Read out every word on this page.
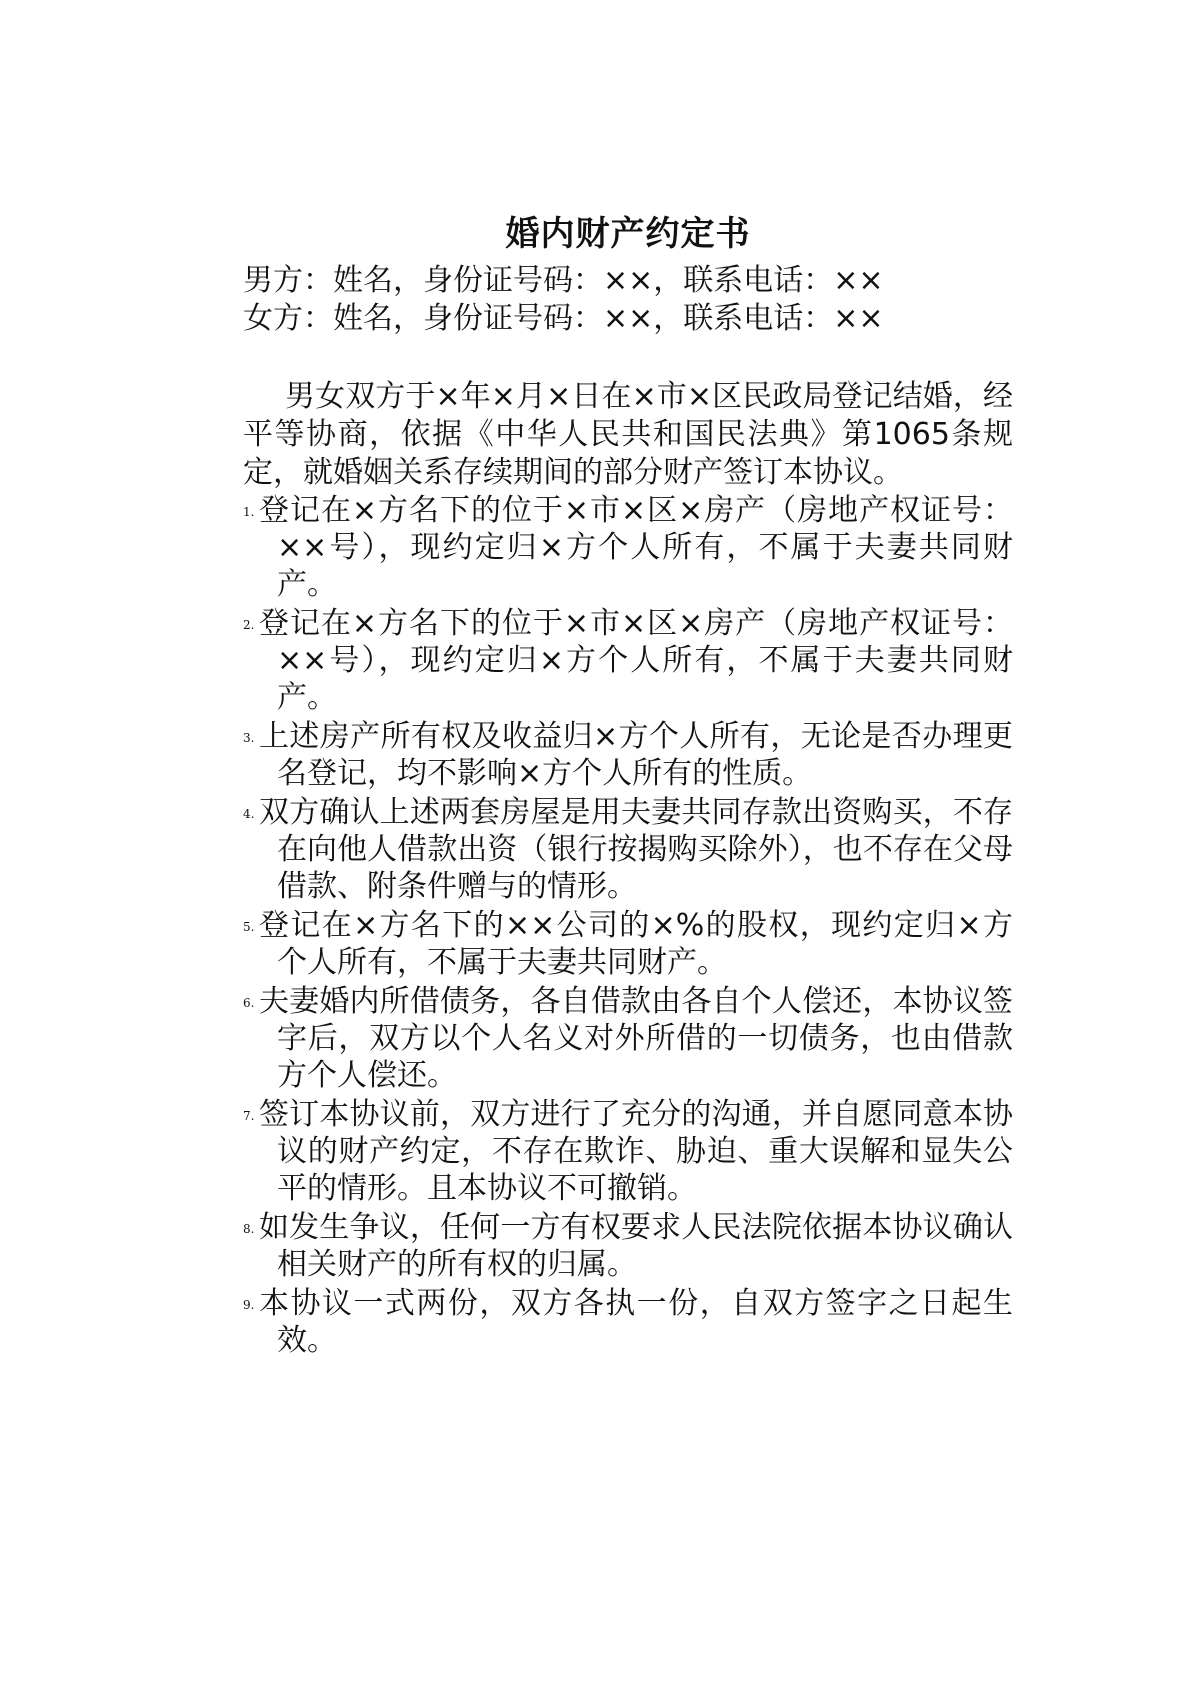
婚内财产约定书

男方：姓名，身份证号码：××，联系电话：××

女方：姓名，身份证号码：××，联系电话：××

男女双方于×年×月×日在×市×区民政局登记结婚，经平等协商，依据《中华人民共和国民法典》第1065条规定，就婚姻关系存续期间的部分财产签订本协议。

1. 登记在×方名下的位于×市×区×房产（房地产权证号：××号），现约定归×方个人所有，不属于夫妻共同财产。
2. 登记在×方名下的位于×市×区×房产（房地产权证号：××号），现约定归×方个人所有，不属于夫妻共同财产。
3. 上述房产所有权及收益归×方个人所有，无论是否办理更名登记，均不影响×方个人所有的性质。
4. 双方确认上述两套房屋是用夫妻共同存款出资购买，不存在向他人借款出资（银行按揭购买除外），也不存在父母借款、附条件赠与的情形。
5. 登记在×方名下的××公司的×%的股权，现约定归×方个人所有，不属于夫妻共同财产。
6. 夫妻婚内所借债务，各自借款由各自个人偿还，本协议签字后，双方以个人名义对外所借的一切债务，也由借款方个人偿还。
7. 签订本协议前，双方进行了充分的沟通，并自愿同意本协议的财产约定，不存在欺诈、胁迫、重大误解和显失公平的情形。且本协议不可撤销。
8. 如发生争议，任何一方有权要求人民法院依据本协议确认相关财产的所有权的归属。
9. 本协议一式两份，双方各执一份，自双方签字之日起生效。
